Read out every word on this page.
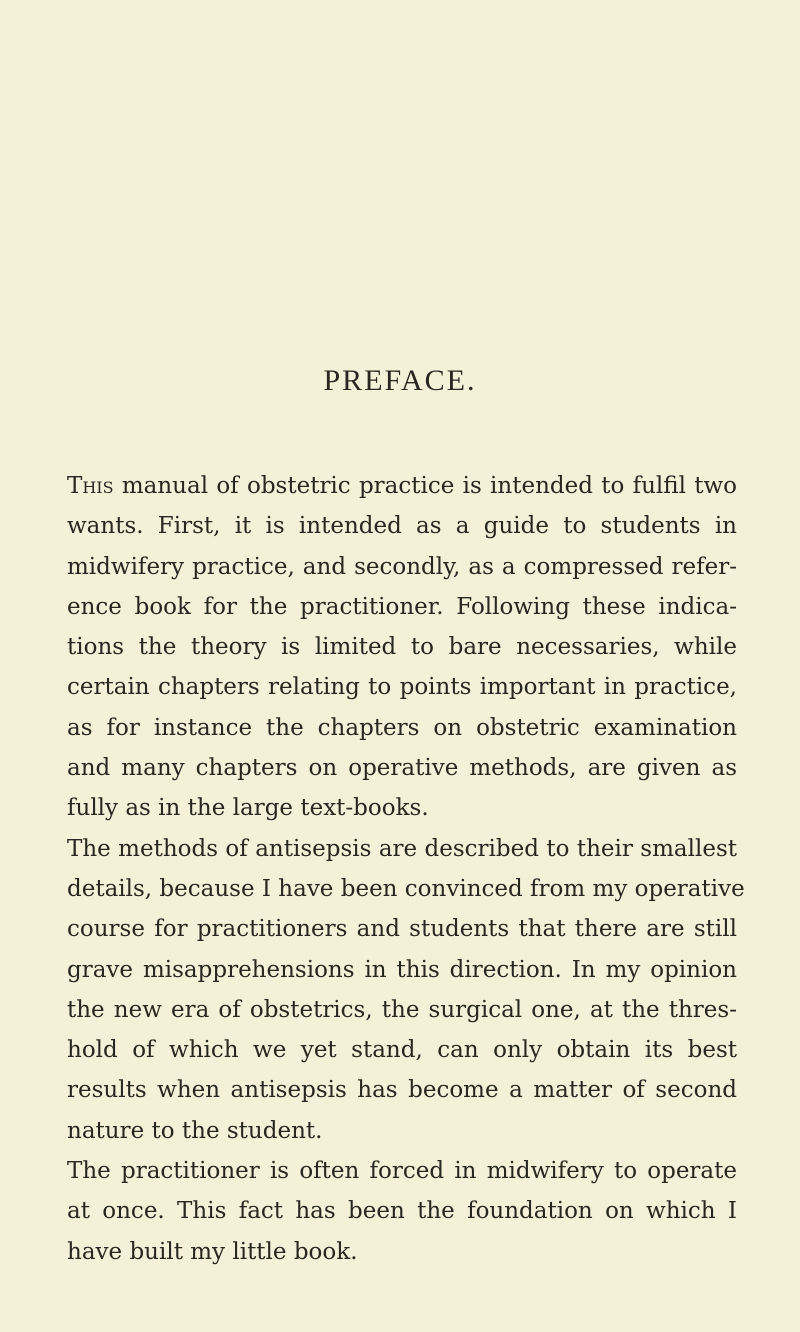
PREFACE.
This manual of obstetric practice is intended to fulfil two
wants. First, it is intended as a guide to students in
midwifery practice, and secondly, as a compressed refer-
ence book for the practitioner. Following these indica-
tions the theory is limited to bare necessaries, while
certain chapters relating to points important in practice,
as for instance the chapters on obstetric examination
and many chapters on operative methods, are given as
fully as in the large text-books.
The methods of antisepsis are described to their smallest
details, because I have been convinced from my operative
course for practitioners and students that there are still
grave misapprehensions in this direction. In my opinion
the new era of obstetrics, the surgical one, at the thres-
hold of which we yet stand, can only obtain its best
results when antisepsis has become a matter of second
nature to the student.
The practitioner is often forced in midwifery to operate
at once. This fact has been the foundation on which I
have built my little book.
